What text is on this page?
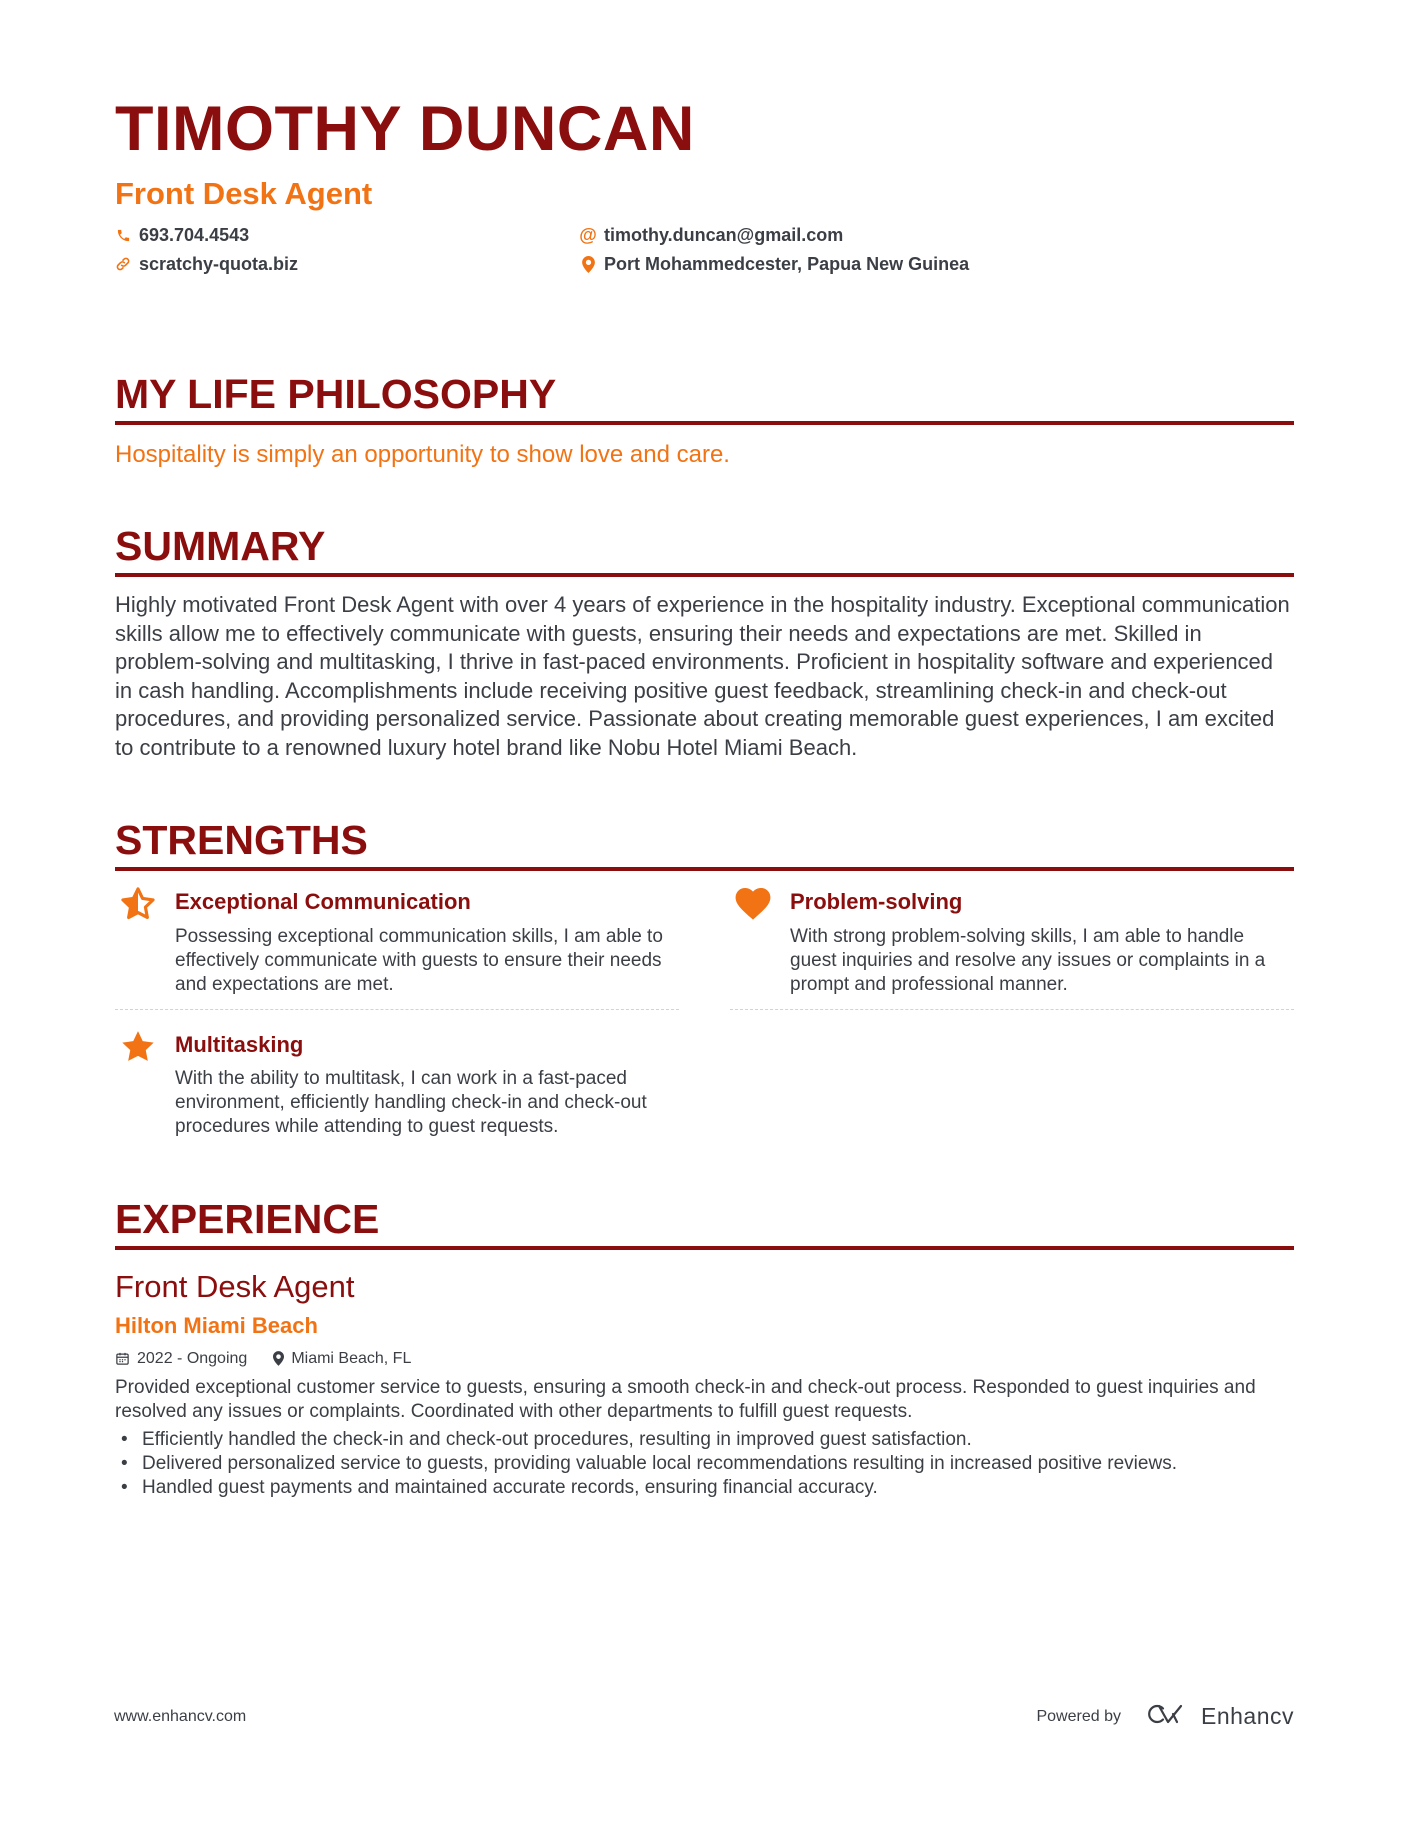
TIMOTHY DUNCAN
Front Desk Agent
693.704.4543	@ timothy.duncan@gmail.com
scratchy-quota.biz	Port Mohammedcester, Papua New Guinea
MY LIFE PHILOSOPHY
Hospitality is simply an opportunity to show love and care.
SUMMARY

Highly motivated Front Desk Agent with over 4 years of experience in the hospitality industry. Exceptional communication skills allow me to effectively communicate with guests, ensuring their needs and expectations are met. Skilled in problem-solving and multitasking, I thrive in fast-paced environments. Proficient in hospitality software and experienced in cash handling. Accomplishments include receiving positive guest feedback, streamlining check-in and check-out procedures, and providing personalized service. Passionate about creating memorable guest experiences, I am excited to contribute to a renowned luxury hotel brand like Nobu Hotel Miami Beach.

STRENGTHS
Exceptional Communication
Possessing exceptional communication skills, I am able to effectively communicate with guests to ensure their needs and expectations are met.
Problem-solving
With strong problem-solving skills, I am able to handle guest inquiries and resolve any issues or complaints in a prompt and professional manner.
Multitasking
With the ability to multitask, I can work in a fast-paced environment, efficiently handling check-in and check-out procedures while attending to guest requests.
EXPERIENCE
Front Desk Agent
Hilton Miami Beach
2022 - Ongoing	Miami Beach, FL
Provided exceptional customer service to guests, ensuring a smooth check-in and check-out process. Responded to guest inquiries and resolved any issues or complaints. Coordinated with other departments to fulfill guest requests.
• Efficiently handled the check-in and check-out procedures, resulting in improved guest satisfaction.
• Delivered personalized service to guests, providing valuable local recommendations resulting in increased positive reviews.
• Handled guest payments and maintained accurate records, ensuring financial accuracy.
www.enhancv.com	Powered by	Enhancv
